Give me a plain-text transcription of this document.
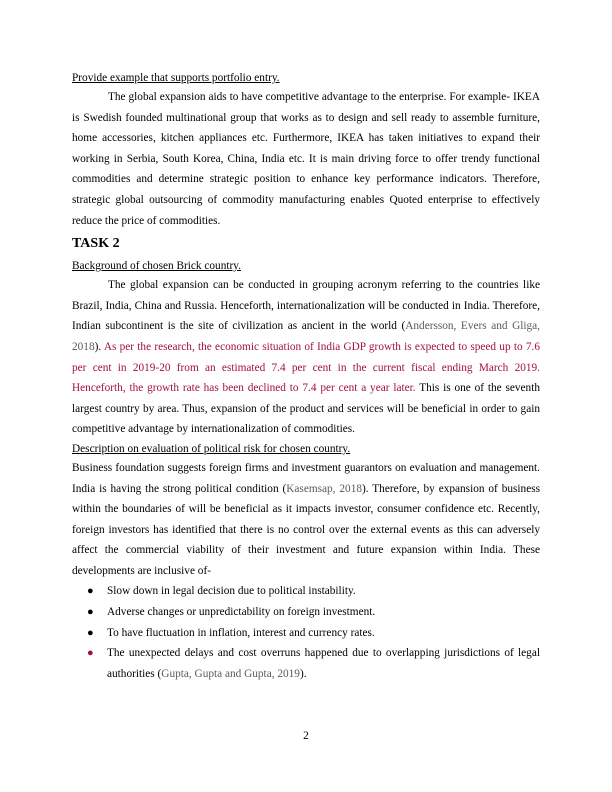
Provide example that supports portfolio entry.

The global expansion aids to have competitive advantage to the enterprise. For example- IKEA is Swedish founded multinational group that works as to design and sell ready to assemble furniture, home accessories, kitchen appliances etc. Furthermore, IKEA has taken initiatives to expand their working in Serbia, South Korea, China, India etc. It is main driving force to offer trendy functional commodities and determine strategic position to enhance key performance indicators. Therefore, strategic global outsourcing of commodity manufacturing enables Quoted enterprise to effectively reduce the price of commodities.

TASK 2
Background of chosen Brick country.

The global expansion can be conducted in grouping acronym referring to the countries like Brazil, India, China and Russia. Henceforth, internationalization will be conducted in India. Therefore, Indian subcontinent is the site of civilization as ancient in the world (Andersson, Evers and Gliga, 2018). As per the research, the economic situation of India GDP growth is expected to speed up to 7.6 per cent in 2019-20 from an estimated 7.4 per cent in the current fiscal ending March 2019. Henceforth, the growth rate has been declined to 7.4 per cent a year later. This is one of the seventh largest country by area. Thus, expansion of the product and services will be beneficial in order to gain competitive advantage by internationalization of commodities.

Description on evaluation of political risk for chosen country.

Business foundation suggests foreign firms and investment guarantors on evaluation and management. India is having the strong political condition (Kasemsap, 2018). Therefore, by expansion of business within the boundaries of will be beneficial as it impacts investor, consumer confidence etc. Recently, foreign investors has identified that there is no control over the external events as this can adversely affect the commercial viability of their investment and future expansion within India. These developments are inclusive of-

● Slow down in legal decision due to political instability.
● Adverse changes or unpredictability on foreign investment.
● To have fluctuation in inflation, interest and currency rates.
● The unexpected delays and cost overruns happened due to overlapping jurisdictions of legal authorities (Gupta, Gupta and Gupta, 2019).
2
